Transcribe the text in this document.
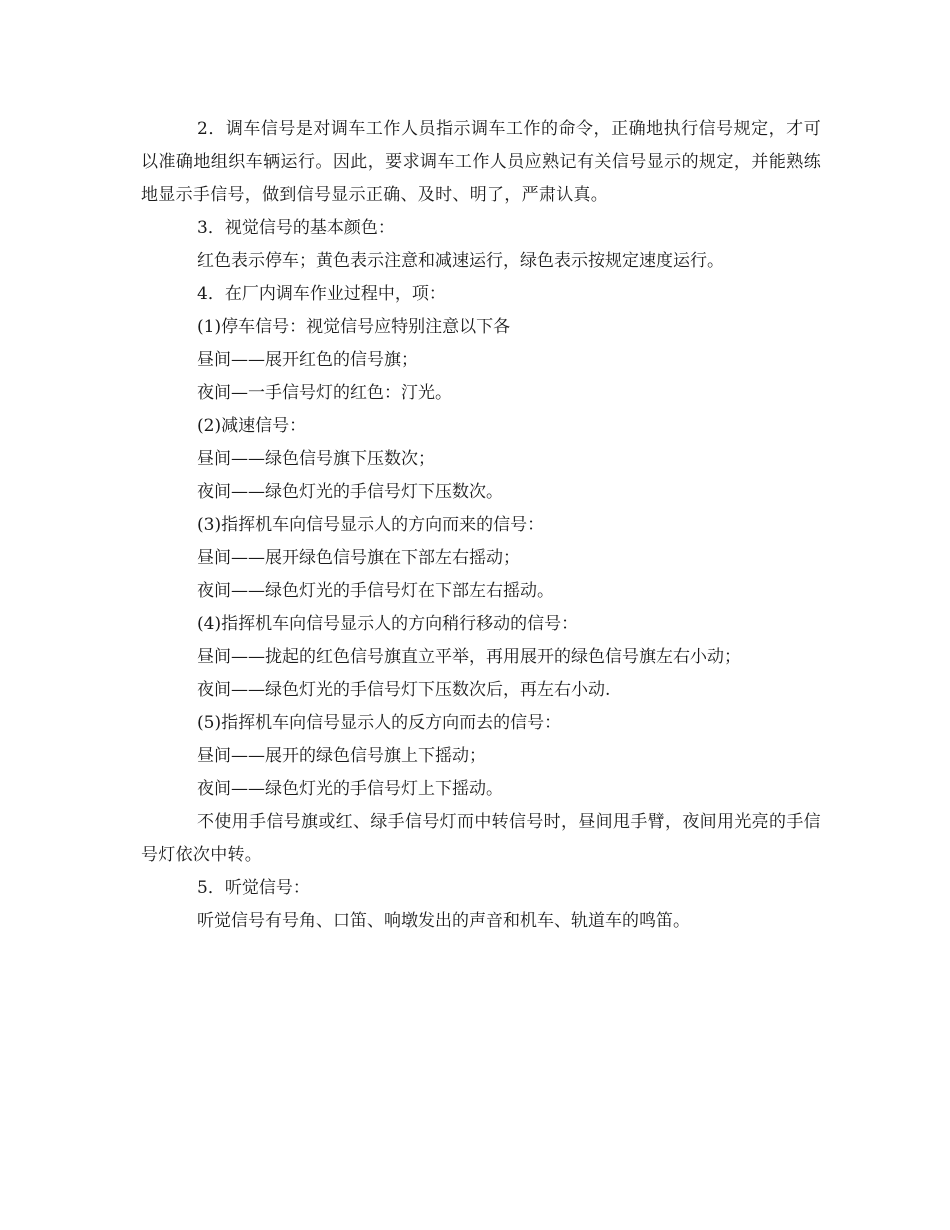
2．调车信号是对调车工作人员指示调车工作的命令，正确地执行信号规定，才可以准确地组织车辆运行。因此，要求调车工作人员应熟记有关信号显示的规定，并能熟练地显示手信号，做到信号显示正确、及时、明了，严肃认真。

3．视觉信号的基本颜色：

红色表示停车；黄色表示注意和减速运行，绿色表示按规定速度运行。

4．在厂内调车作业过程中，项：

(1)停车信号：视觉信号应特别注意以下各

昼间——展开红色的信号旗；

夜间—一手信号灯的红色：汀光。

(2)减速信号：

昼间——绿色信号旗下压数次；

夜间——绿色灯光的手信号灯下压数次。

(3)指挥机车向信号显示人的方向而来的信号：

昼间——展开绿色信号旗在下部左右摇动；

夜间——绿色灯光的手信号灯在下部左右摇动。

(4)指挥机车向信号显示人的方向稍行移动的信号：

昼间——拢起的红色信号旗直立平举，再用展开的绿色信号旗左右小动；

夜间——绿色灯光的手信号灯下压数次后，再左右小动.

(5)指挥机车向信号显示人的反方向而去的信号：

昼间——展开的绿色信号旗上下摇动；

夜间——绿色灯光的手信号灯上下摇动。

不使用手信号旗或红、绿手信号灯而中转信号时，昼间甩手臂，夜间用光亮的手信号灯依次中转。

5．听觉信号：

听觉信号有号角、口笛、响墩发出的声音和机车、轨道车的鸣笛。
